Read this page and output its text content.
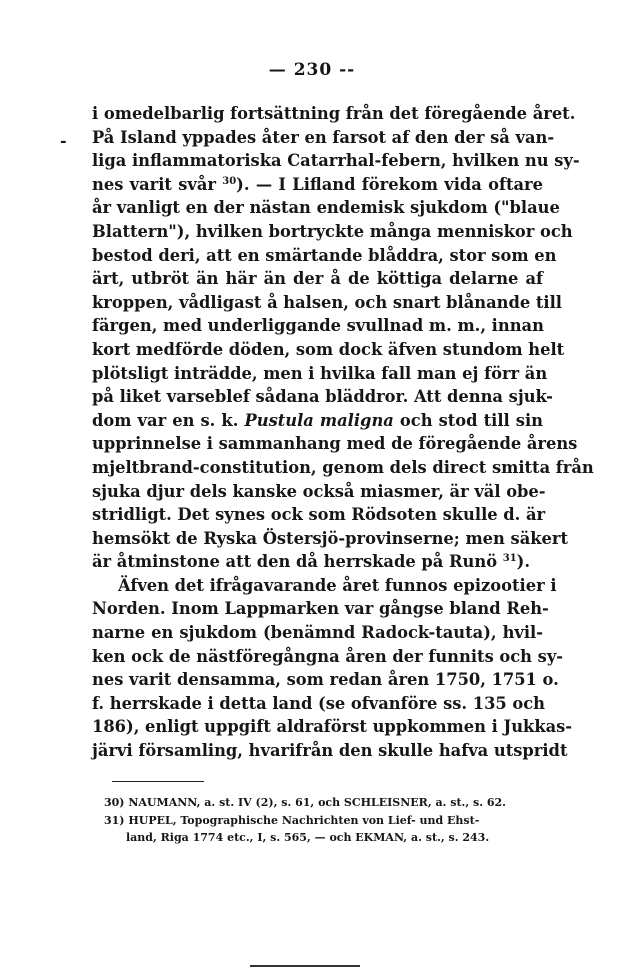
— 230 --
-
i omedelbarlig fortsättning från det föregående året.
På Island yppades åter en farsot af den der så van-
liga inflammatoriska Catarrhal-febern, hvilken nu sy-
nes varit svår $^{30}$). — I Lifland förekom vida oftare
år vanligt en der nästan endemisk sjukdom ("blaue
Blattern"), hvilken bortryckte många menniskor och
bestod deri, att en smärtande blåddra, stor som en
ärt, utbröt än här än der å de köttiga delarne af
kroppen, vådligast å halsen, och snart blånande till
färgen, med underliggande svullnad m. m., innan
kort medförde döden, som dock äfven stundom helt
plötsligt inträdde, men i hvilka fall man ej förr än
på liket varseblef sådana bläddror. Att denna sjuk-
dom var en s. k. Pustula maligna och stod till sin
upprinnelse i sammanhang med de föregående årens
mjeltbrand-constitution, genom dels direct smitta från
sjuka djur dels kanske också miasmer, är väl obe-
stridligt. Det synes ock som Rödsoten skulle d. är
hemsökt de Ryska Östersjö-provinserne; men säkert
är åtminstone att den då herrskade på Runö $^{31}$).
Äfven det ifrågavarande året funnos epizootier i
Norden. Inom Lappmarken var gångse bland Reh-
narne en sjukdom (benämnd Radock-tauta), hvil-
ken ock de nästföregångna åren der funnits och sy-
nes varit densamma, som redan åren 1750, 1751 o.
f. herrskade i detta land (se ofvanföre ss. 135 och
186), enligt uppgift aldraförst uppkommen i Jukkas-
järvi församling, hvarifrån den skulle hafva utspridt
30) NAUMANN, a. st. IV (2), s. 61, och SCHLEISNER, a. st., s. 62.
31) HUPEL, Topographische Nachrichten von Lief- und Ehst-
land, Riga 1774 etc., I, s. 565, — och EKMAN, a. st., s. 243.
